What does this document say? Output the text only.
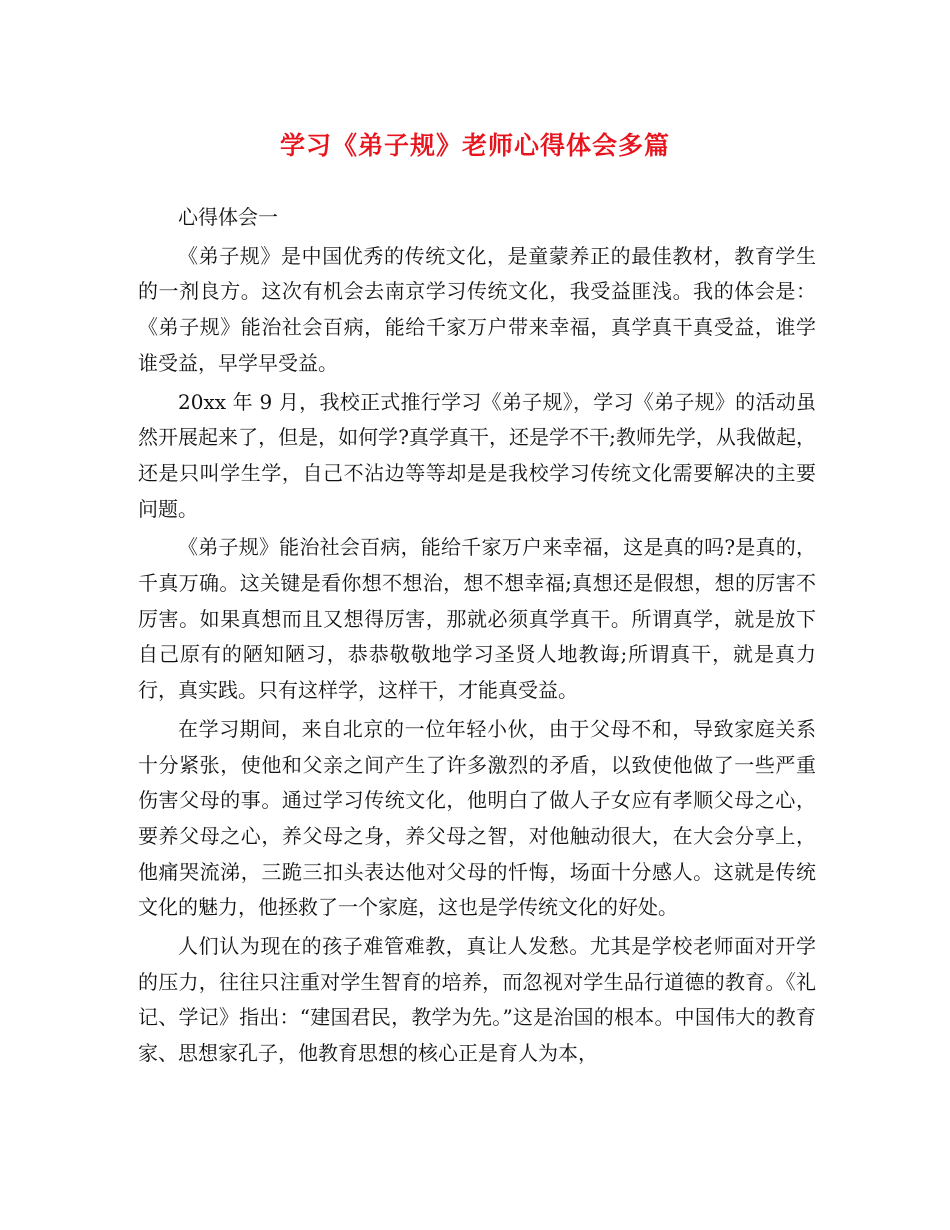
学习《弟子规》老师心得体会多篇

心得体会一

《弟子规》是中国优秀的传统文化，是童蒙养正的最佳教材，教育学生的一剂良方。这次有机会去南京学习传统文化，我受益匪浅。我的体会是：《弟子规》能治社会百病，能给千家万户带来幸福，真学真干真受益，谁学谁受益，早学早受益。

20xx 年 9 月，我校正式推行学习《弟子规》，学习《弟子规》的活动虽然开展起来了，但是，如何学?真学真干，还是学不干;教师先学，从我做起，还是只叫学生学，自己不沾边等等却是是我校学习传统文化需要解决的主要问题。

《弟子规》能治社会百病，能给千家万户来幸福，这是真的吗?是真的，千真万确。这关键是看你想不想治，想不想幸福;真想还是假想，想的厉害不厉害。如果真想而且又想得厉害，那就必须真学真干。所谓真学，就是放下自己原有的陋知陋习，恭恭敬敬地学习圣贤人地教诲;所谓真干，就是真力行，真实践。只有这样学，这样干，才能真受益。

在学习期间，来自北京的一位年轻小伙，由于父母不和，导致家庭关系十分紧张，使他和父亲之间产生了许多激烈的矛盾，以致使他做了一些严重伤害父母的事。通过学习传统文化，他明白了做人子女应有孝顺父母之心，要养父母之心，养父母之身，养父母之智，对他触动很大，在大会分享上，他痛哭流涕，三跪三扣头表达他对父母的忏悔，场面十分感人。这就是传统文化的魅力，他拯救了一个家庭，这也是学传统文化的好处。

人们认为现在的孩子难管难教，真让人发愁。尤其是学校老师面对开学的压力，往往只注重对学生智育的培养，而忽视对学生品行道德的教育。《礼记、学记》指出：“建国君民，教学为先。”这是治国的根本。中国伟大的教育家、思想家孔子，他教育思想的核心正是育人为本，
